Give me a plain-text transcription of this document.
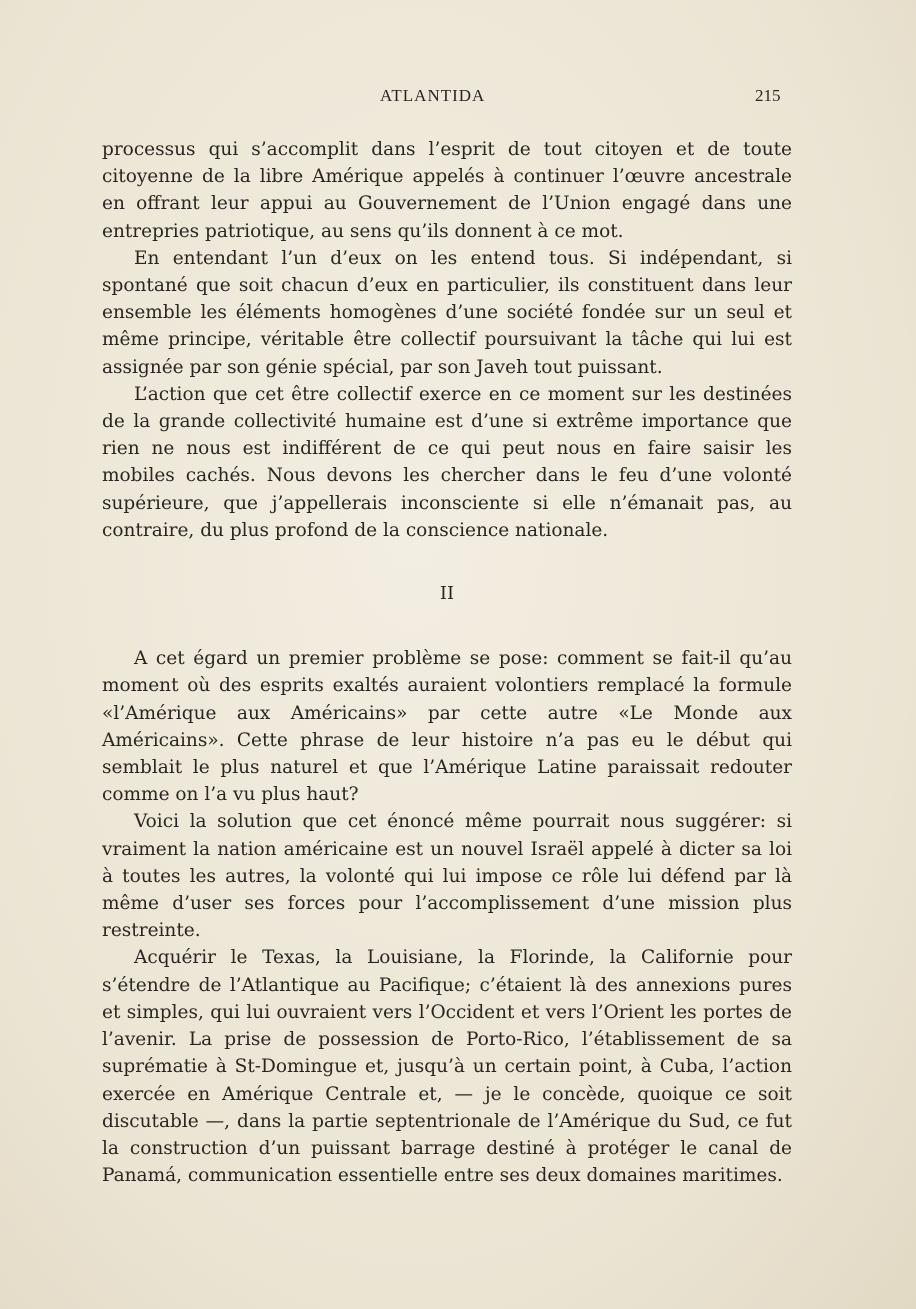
ATLANTIDA	215

processus qui s’accomplit dans l’esprit de tout citoyen et de toute citoyenne de la libre Amérique appelés à continuer l’œuvre ancestrale en offrant leur appui au Gouvernement de l’Union engagé dans une entrepries patriotique, au sens qu’ils donnent à ce mot.

En entendant l’un d’eux on les entend tous. Si indépendant, si spontané que soit chacun d’eux en particulier, ils constituent dans leur ensemble les éléments homogènes d’une société fondée sur un seul et même principe, véritable être collectif poursuivant la tâche qui lui est assignée par son génie spécial, par son Javeh tout puissant.

L’action que cet être collectif exerce en ce moment sur les destinées de la grande collectivité humaine est d’une si extrême importance que rien ne nous est indifférent de ce qui peut nous en faire saisir les mobiles cachés. Nous devons les chercher dans le feu d’une volonté supérieure, que j’appellerais inconsciente si elle n’émanait pas, au contraire, du plus profond de la conscience nationale.

II

A cet égard un premier problème se pose: comment se fait-il qu’au moment où des esprits exaltés auraient volontiers remplacé la formule «l’Amérique aux Américains» par cette autre «Le Monde aux Américains». Cette phrase de leur histoire n’a pas eu le début qui semblait le plus naturel et que l’Amérique Latine paraissait redouter comme on l’a vu plus haut?

Voici la solution que cet énoncé même pourrait nous suggérer: si vraiment la nation américaine est un nouvel Israël appelé à dicter sa loi à toutes les autres, la volonté qui lui impose ce rôle lui défend par là même d’user ses forces pour l’accomplissement d’une mission plus restreinte.

Acquérir le Texas, la Louisiane, la Florinde, la Californie pour s’étendre de l’Atlantique au Pacifique; c’étaient là des annexions pures et simples, qui lui ouvraient vers l’Occident et vers l’Orient les portes de l’avenir. La prise de possession de Porto-Rico, l’établissement de sa suprématie à St-Domingue et, jusqu’à un certain point, à Cuba, l’action exercée en Amérique Centrale et, — je le concède, quoique ce soit discutable —, dans la partie septentrionale de l’Amérique du Sud, ce fut la construction d’un puissant barrage destiné à protéger le canal de Panamá, communication essentielle entre ses deux domaines maritimes.
